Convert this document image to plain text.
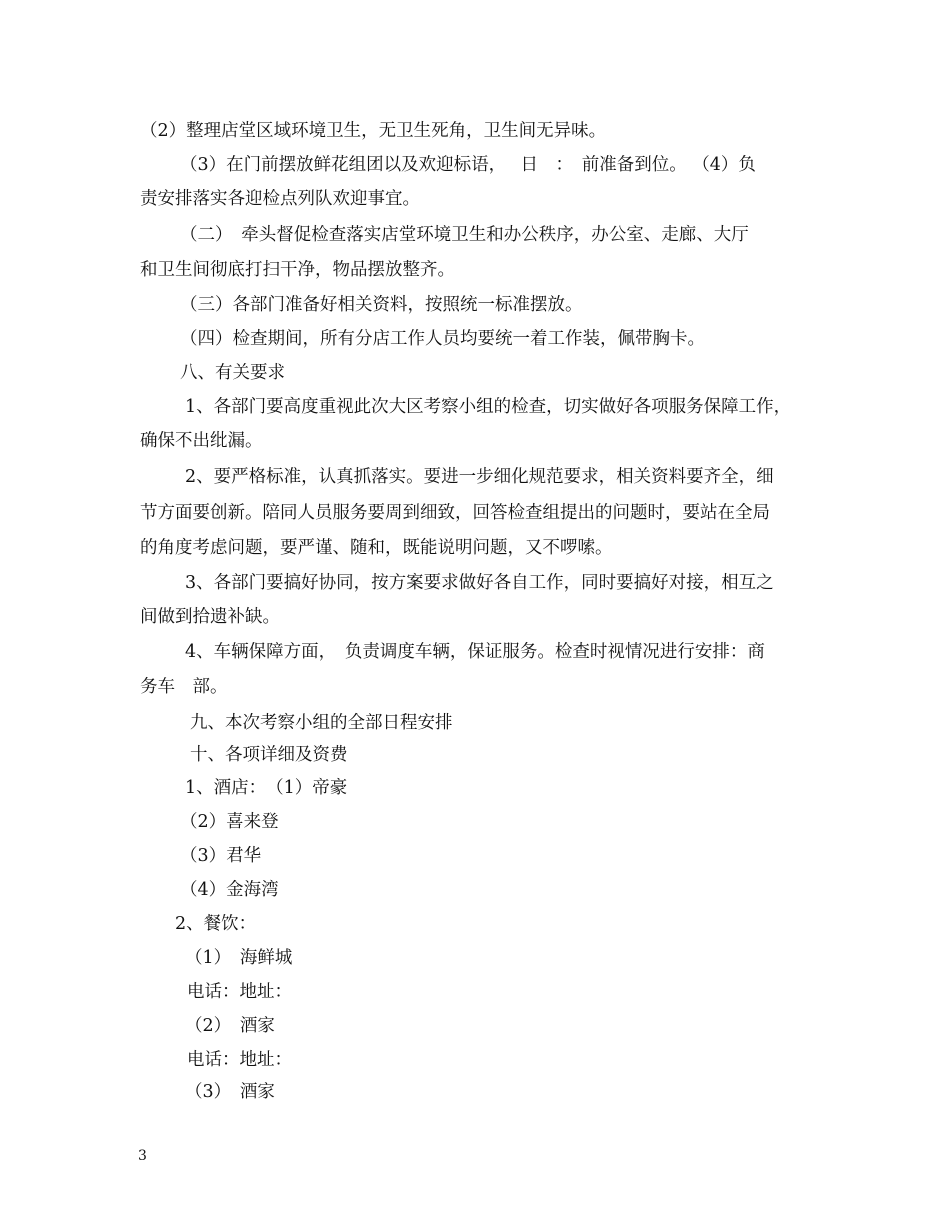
（2）整理店堂区域环境卫生，无卫生死角，卫生间无异味。
（3）在门前摆放鲜花组团以及欢迎标语，　 日　：　前准备到位。 （4）负
责安排落实各迎检点列队欢迎事宜。
（二）　牵头督促检查落实店堂环境卫生和办公秩序，办公室、走廊、大厅
和卫生间彻底打扫干净，物品摆放整齐。
（三）各部门准备好相关资料，按照统一标准摆放。
（四）检查期间，所有分店工作人员均要统一着工作装，佩带胸卡。
八、有关要求
1、各部门要高度重视此次大区考察小组的检查，切实做好各项服务保障工作，
确保不出纰漏。
2、要严格标准，认真抓落实。要进一步细化规范要求，相关资料要齐全，细
节方面要创新。陪同人员服务要周到细致，回答检查组提出的问题时，要站在全局
的角度考虑问题，要严谨、随和，既能说明问题，又不啰嗦。
3、各部门要搞好协同，按方案要求做好各自工作，同时要搞好对接，相互之
间做到拾遗补缺。
4、车辆保障方面，　负责调度车辆，保证服务。检查时视情况进行安排：商
务车　部。
九、本次考察小组的全部日程安排
十、各项详细及资费
1、酒店：　（1）帝豪
（2）喜来登
（3）君华
（4）金海湾
2、餐饮：
（1）　海鲜城
电话：地址：
（2）　酒家
电话：地址：
（3）　酒家
3
